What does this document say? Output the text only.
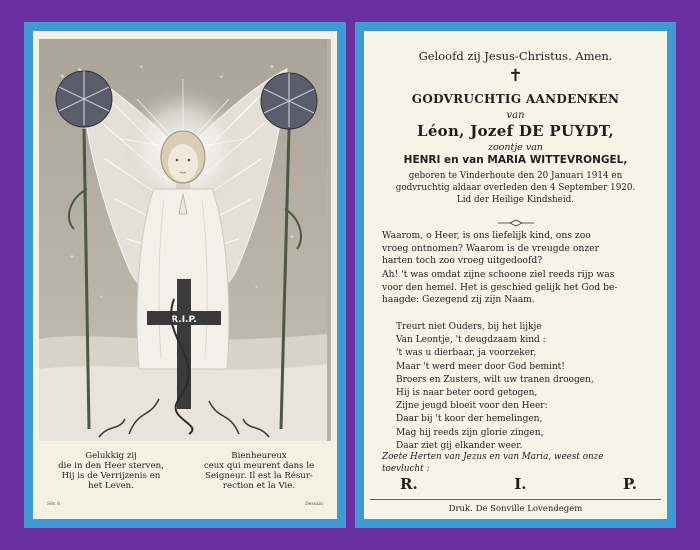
✦
✦
✦
✦
✦
✦
✦
✦
R.I.P.
Gelukkig zij
die in den Heer sterven,
Hij is de Verrijzenis en
het Leven.
Bienheureux
ceux qui meurent dans le
Seigneur. Il est la Résur-
rection et la Vie.
Sér. 6	Dessain
Geloofd zij Jesus-Christus. Amen.
✝
GODVRUCHTIG AANDENKEN
van
Léon, Jozef DE PUYDT,
zoontje van
HENRI en van MARIA WITTEVRONGEL,
geboren te Vinderhoute den 20 Januari 1914 en
godvruchtig aldaar overleden den 4 September 1920.
Lid der Heilige Kindsheid.
Waarom, o Heer, is ons liefelijk kind, ons zoo
vroeg ontnomen? Waarom is de vreugde onzer
harten toch zoo vroeg uitgedoofd?
Ah! 't was omdat zijne schoone ziel reeds rijp was
voor den hemel. Het is geschied gelijk het God be-
haagde: Gezegend zij zijn Naam.
Treurt niet Ouders, bij het lijkje
Van Leontje, 't deugdzaam kind :
't was u dierbaar, ja voorzeker,
Maar 't werd meer door God bemint!
Broers en Zusters, wilt uw tranen droogen,
Hij is naar beter oord getogen,
Zijne jeugd bloeit voor den Heer:
Daar bij 't koor der hemelingen,
Mag hij reeds zijn glorie zingen,
Daar ziet gij elkander weer.
Zoete Herten van Jezus en van Maria, weest onze
toevlucht :
R.	I.	P.
Druk. De Sonville Lovendegem
